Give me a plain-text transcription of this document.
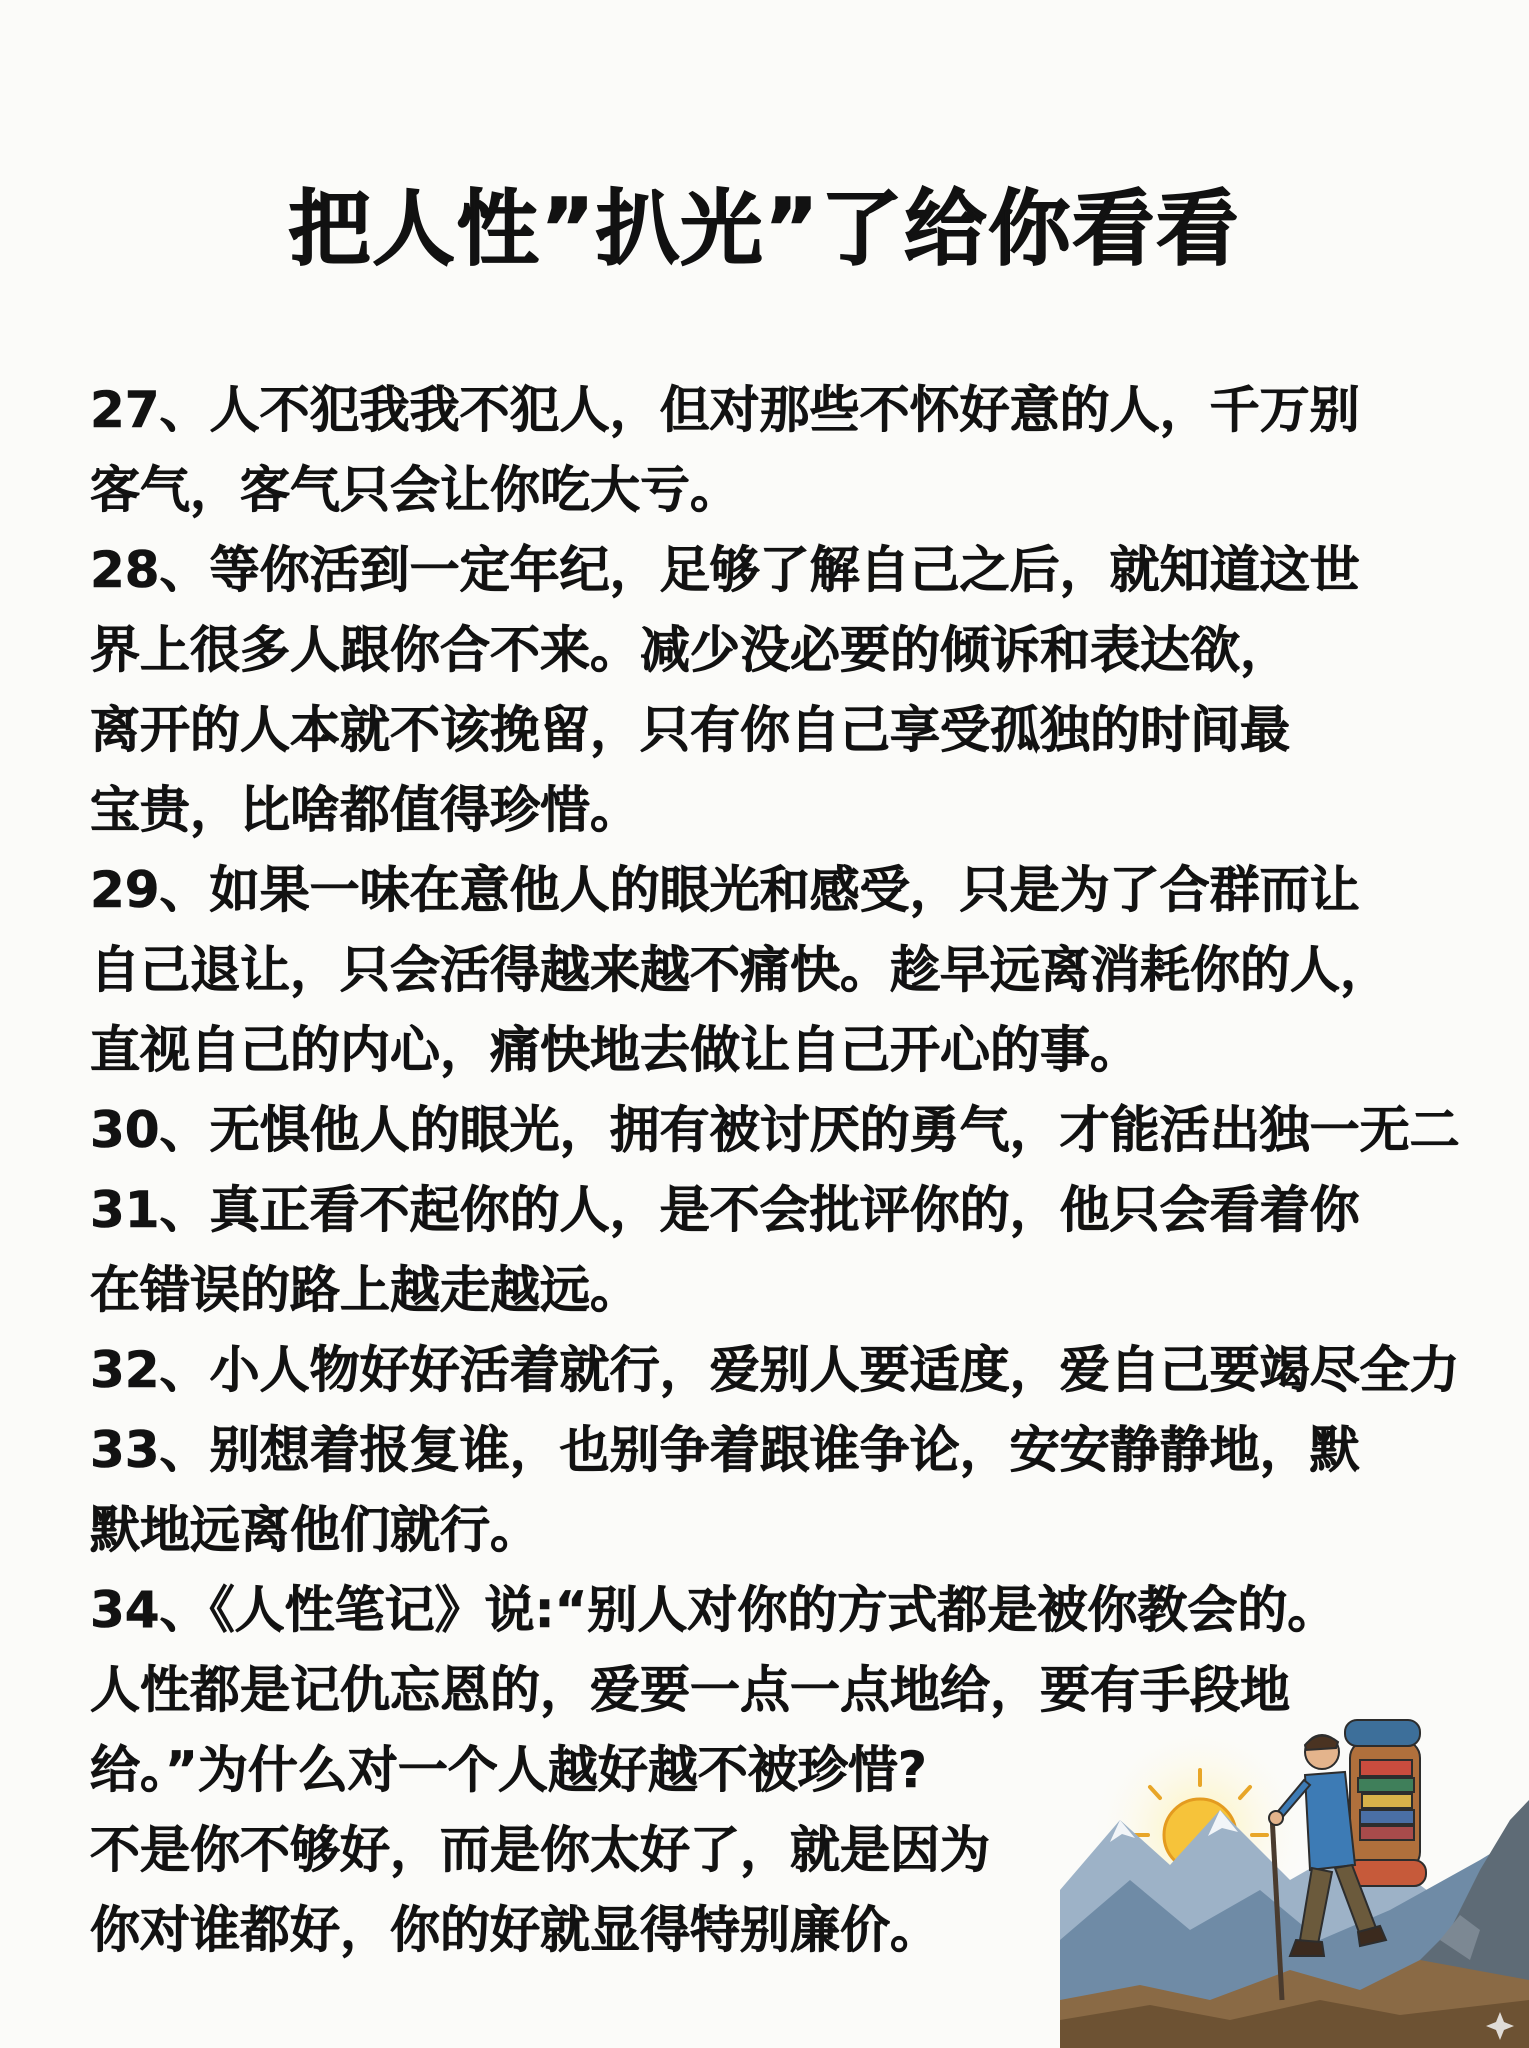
把人性”扒光”了给你看看
27、人不犯我我不犯人，但对那些不怀好意的人，千万别
客气，客气只会让你吃大亏。
28、等你活到一定年纪，足够了解自己之后，就知道这世
界上很多人跟你合不来。减少没必要的倾诉和表达欲，
离开的人本就不该挽留，只有你自己享受孤独的时间最
宝贵，比啥都值得珍惜。
29、如果一味在意他人的眼光和感受，只是为了合群而让
自己退让，只会活得越来越不痛快。趁早远离消耗你的人，
直视自己的内心，痛快地去做让自己开心的事。
30、无惧他人的眼光，拥有被讨厌的勇气，才能活出独一无二
31、真正看不起你的人，是不会批评你的，他只会看着你
在错误的路上越走越远。
32、小人物好好活着就行，爱别人要适度，爱自己要竭尽全力
33、别想着报复谁，也别争着跟谁争论，安安静静地，默
默地远离他们就行。
34、《人性笔记》说:“别人对你的方式都是被你教会的。
人性都是记仇忘恩的，爱要一点一点地给，要有手段地
给。”为什么对一个人越好越不被珍惜?
不是你不够好，而是你太好了，就是因为
你对谁都好，你的好就显得特别廉价。
